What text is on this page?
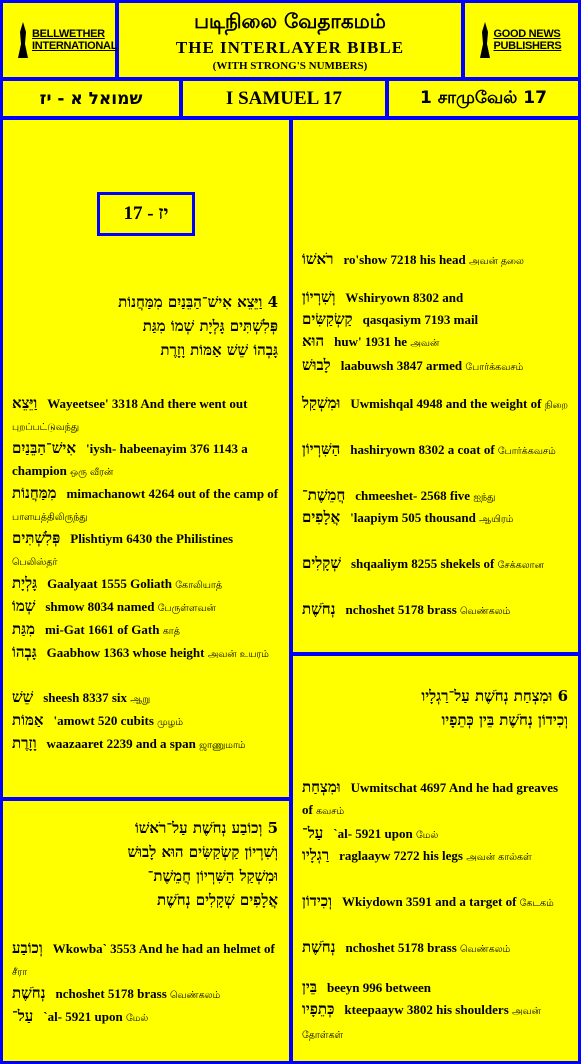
BELLWETHER INTERNATIONAL
படிநிலை வேதாகமம்
THE INTERLAYER BIBLE
(WITH STRONG'S NUMBERS)
GOOD NEWS PUBLISHERS
שמואל א - יז	I SAMUEL 17	1 சாமுவேல் 17
יז - 17
4 וַיֵּצֵא אִישׁ־הַבֵּנַיִם מִמַּחֲנוֹת
פְּלִשְׁתִּים גָּלְיָת שְׁמוֹ מִגַּת
גָּבְהוֹ שֵׁשׁ אַמּוֹת וָזָרֶת
וַיֵּצֵא Wayeetsee' 3318 And there went out புறப்பட்டுவந்து
אִישׁ־הַבֵּנַיִם 'iysh- habeenayim 376 1143 a champion ஒரு வீரன்
מִמַּחֲנוֹת mimachanowt 4264 out of the camp of பாளயத்திலிருந்து
פְּלִשְׁתִּים Plishtiym 6430 the Philistines பெலிஸ்தர்
גָּלְיָת Gaalyaat 1555 Goliath கோலியாத்
שְׁמוֹ shmow 8034 named பேருள்ளவன்
מִגַּת mi-Gat 1661 of Gath காத்
גָּבְהוֹ Gaabhow 1363 whose height அவன் உயரம்
שֵׁשׁ sheesh 8337 six ஆறு
אַמּוֹת 'amowt 520 cubits முழம்
וָזָרֶת waazaaret 2239 and a span ஜாணுமாம்
5 וְכוֹבַע נְחֹשֶׁת עַל־רֹאשׁוֹ
וְשִׁרְיוֹן קַשְׂקַשִּׂים הוּא לָבוּשׁ
וּמִשְׁקַל הַשִּׁרְיוֹן חֲמֵשֶׁת־
אֲלָפִים שְׁקָלִים נְחֹשֶׁת
וְכוֹבַע Wkowba` 3553 And he had an helmet of சீரா
נְחֹשֶׁת nchoshet 5178 brass வெண்கலம்
עַל־ `al- 5921 upon மேல்
רֹאשׁוֹ ro'show 7218 his head அவன் தலை
וְשִׁרְיוֹן Wshiryown 8302 and
קַשְׂקַשִּׂים qasqasiym 7193 mail
הוּא huw' 1931 he அவன்
לָבוּשׁ laabuwsh 3847 armed போர்க்கவசம்
וּמִשְׁקַל Uwmishqal 4948 and the weight of நிறை
הַשִּׁרְיוֹן hashiryown 8302 a coat of போர்க்கவசம்
חֲמֵשֶׁת־ chmeeshet- 2568 five ஐந்து
אֲלָפִים 'laapiym 505 thousand ஆயிரம்
שְׁקָלִים shqaaliym 8255 shekels of சேக்கலான
נְחֹשֶׁת nchoshet 5178 brass வெண்கலம்
6 וּמִצְחַת נְחֹשֶׁת עַל־רַגְלָיו
וְכִידוֹן נְחֹשֶׁת בֵּין כְּתֵפָיו
וּמִצְחַת Uwmitschat 4697 And he had greaves of கவசம்
עַל־ `al- 5921 upon மேல்
רַגְלָיו raglaayw 7272 his legs அவன் கால்கள்
וְכִידוֹן Wkiydown 3591 and a target of கேடகம்
נְחֹשֶׁת nchoshet 5178 brass வெண்கலம்
בֵּין beeyn 996 between
כְּתֵפָיו kteepaayw 3802 his shoulders அவன் தோள்கள்
